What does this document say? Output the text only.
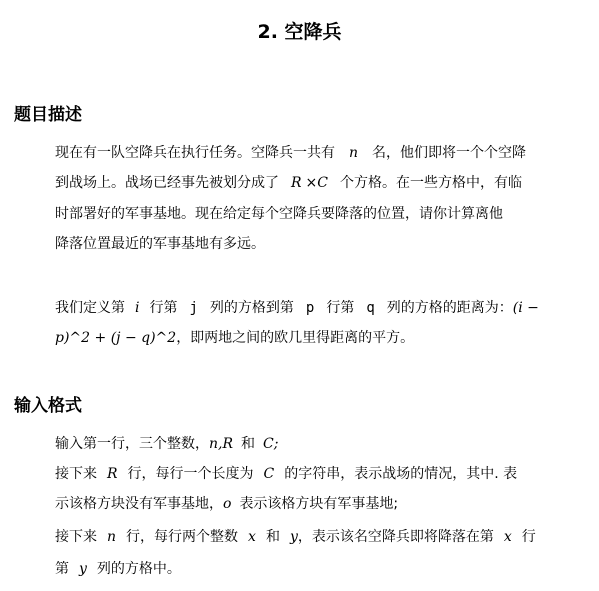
2. 空降兵
题目描述
现在有一队空降兵在执行任务。空降兵一共有 n 名，他们即将一个个空降
到战场上。战场已经事先被划分成了 R ×C 个方格。在一些方格中，有临
时部署好的军事基地。现在给定每个空降兵要降落的位置，请你计算离他
降落位置最近的军事基地有多远。
我们定义第 i 行第 j 列的方格到第 p 行第 q 列的方格的距离为：(i −
p)^2 + (j − q)^2，即两地之间的欧几里得距离的平方。
输入格式
输入第一行，三个整数，n,R 和 C;
接下来 R 行，每行一个长度为 C 的字符串，表示战场的情况，其中. 表
示该格方块没有军事基地，o 表示该格方块有军事基地;
接下来 n 行，每行两个整数 x 和 y，表示该名空降兵即将降落在第 x 行
第 y 列的方格中。
